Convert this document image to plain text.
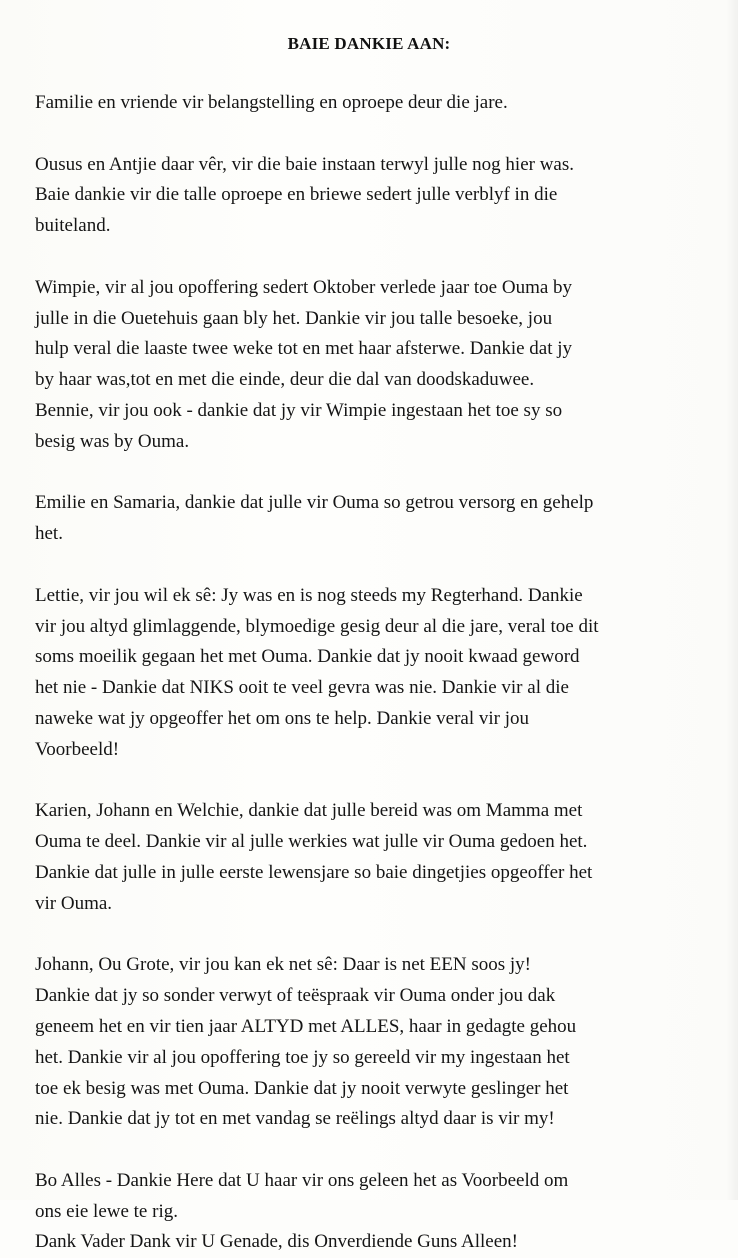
BAIE DANKIE AAN:

Familie en vriende vir belangstelling en oproepe deur die jare.

Ousus en Antjie daar vêr, vir die baie instaan terwyl julle nog hier was.
Baie dankie vir die talle oproepe en briewe sedert julle verblyf in die
buiteland.

Wimpie, vir al jou opoffering sedert Oktober verlede jaar toe Ouma by
julle in die Ouetehuis gaan bly het. Dankie vir jou talle besoeke, jou
hulp veral die laaste twee weke tot en met haar afsterwe. Dankie dat jy
by haar was,tot en met die einde, deur die dal van doodskaduwee.
Bennie, vir jou ook - dankie dat jy vir Wimpie ingestaan het toe sy so
besig was by Ouma.

Emilie en Samaria, dankie dat julle vir Ouma so getrou versorg en gehelp
het.

Lettie, vir jou wil ek sê: Jy was en is nog steeds my Regterhand. Dankie
vir jou altyd glimlaggende, blymoedige gesig deur al die jare, veral toe dit
soms moeilik gegaan het met Ouma. Dankie dat jy nooit kwaad geword
het nie - Dankie dat NIKS ooit te veel gevra was nie. Dankie vir al die
naweke wat jy opgeoffer het om ons te help. Dankie veral vir jou
Voorbeeld!

Karien, Johann en Welchie, dankie dat julle bereid was om Mamma met
Ouma te deel. Dankie vir al julle werkies wat julle vir Ouma gedoen het.
Dankie dat julle in julle eerste lewensjare so baie dingetjies opgeoffer het
vir Ouma.

Johann, Ou Grote, vir jou kan ek net sê: Daar is net EEN soos jy!
Dankie dat jy so sonder verwyt of teëspraak vir Ouma onder jou dak
geneem het en vir tien jaar ALTYD met ALLES, haar in gedagte gehou
het. Dankie vir al jou opoffering toe jy so gereeld vir my ingestaan het
toe ek besig was met Ouma. Dankie dat jy nooit verwyte geslinger het
nie. Dankie dat jy tot en met vandag se reëlings altyd daar is vir my!

Bo Alles - Dankie Here dat U haar vir ons geleen het as Voorbeeld om
ons eie lewe te rig.
Dank Vader Dank vir U Genade, dis Onverdiende Guns Alleen!
